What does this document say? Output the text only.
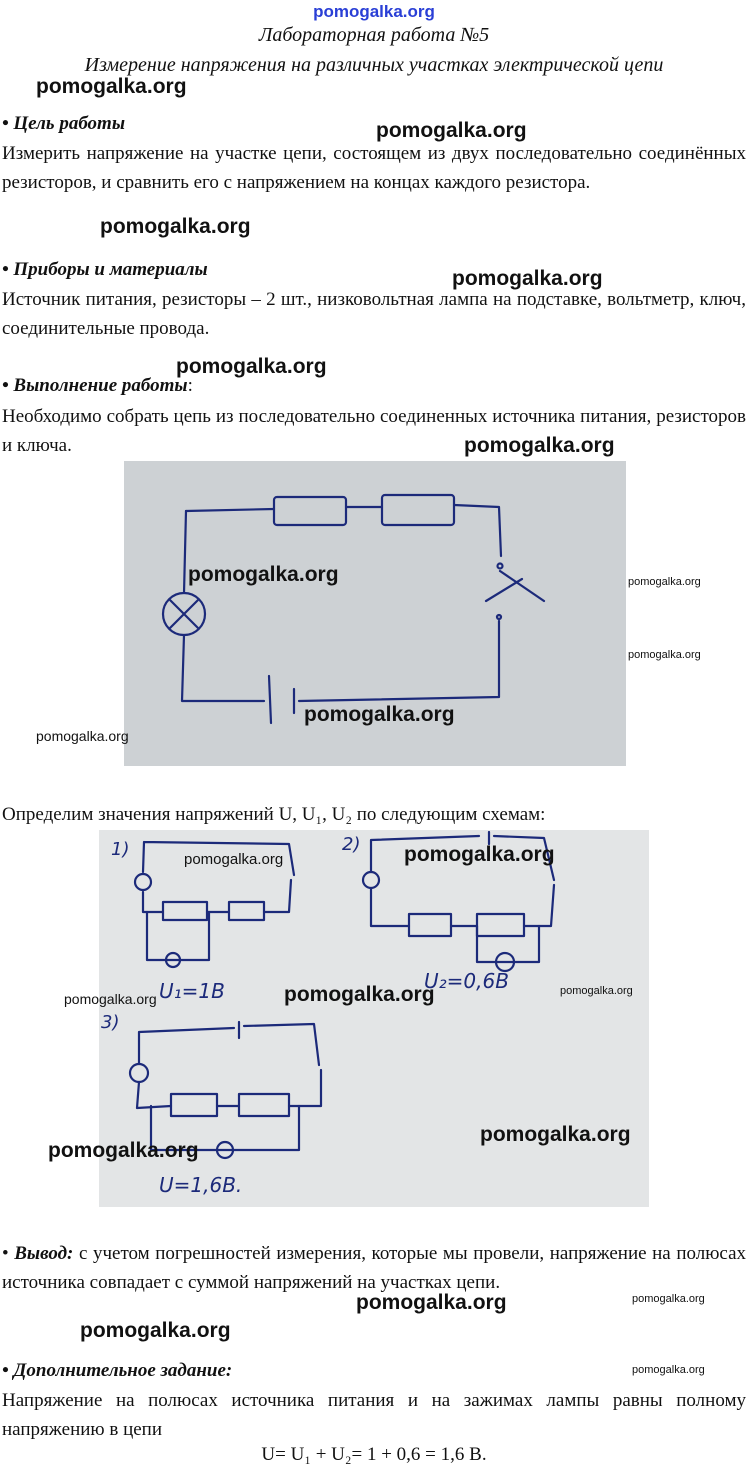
pomogalka.org
Лабораторная работа №5
Измерение напряжения на различных участках электрической цепи
• Цель работы
Измерить напряжение на участке цепи, состоящем из двух последовательно соединённых резисторов, и сравнить его с напряжением на концах каждого резистора.
• Приборы и материалы
Источник питания, резисторы – 2 шт., низковольтная лампа на подставке, вольтметр, ключ, соединительные провода.
• Выполнение работы:
Необходимо собрать цепь из последовательно соединенных источника питания, резисторов и ключа.
Определим значения напряжений U, U₁, U₂ по следующим схемам:
1)
U₁=1B
2)
U₂=0,6B
3)
U=1,6B.
• Вывод: с учетом погрешностей измерения, которые мы провели, напряжение на полюсах источника совпадает с суммой напряжений на участках цепи.
• Дополнительное задание:
Напряжение на полюсах источника питания и на зажимах лампы равны полному напряжению в цепи
U= U₁ + U₂= 1 + 0,6 = 1,6 В.
pomogalka.org
pomogalka.org
pomogalka.org
pomogalka.org
pomogalka.org
pomogalka.org
pomogalka.org	pomogalka.org
pomogalka.org
pomogalka.org
pomogalka.org
pomogalka.org	pomogalka.org
pomogalka.org	pomogalka.org	pomogalka.org
pomogalka.org
pomogalka.org
pomogalka.org	pomogalka.org
pomogalka.org
pomogalka.org
